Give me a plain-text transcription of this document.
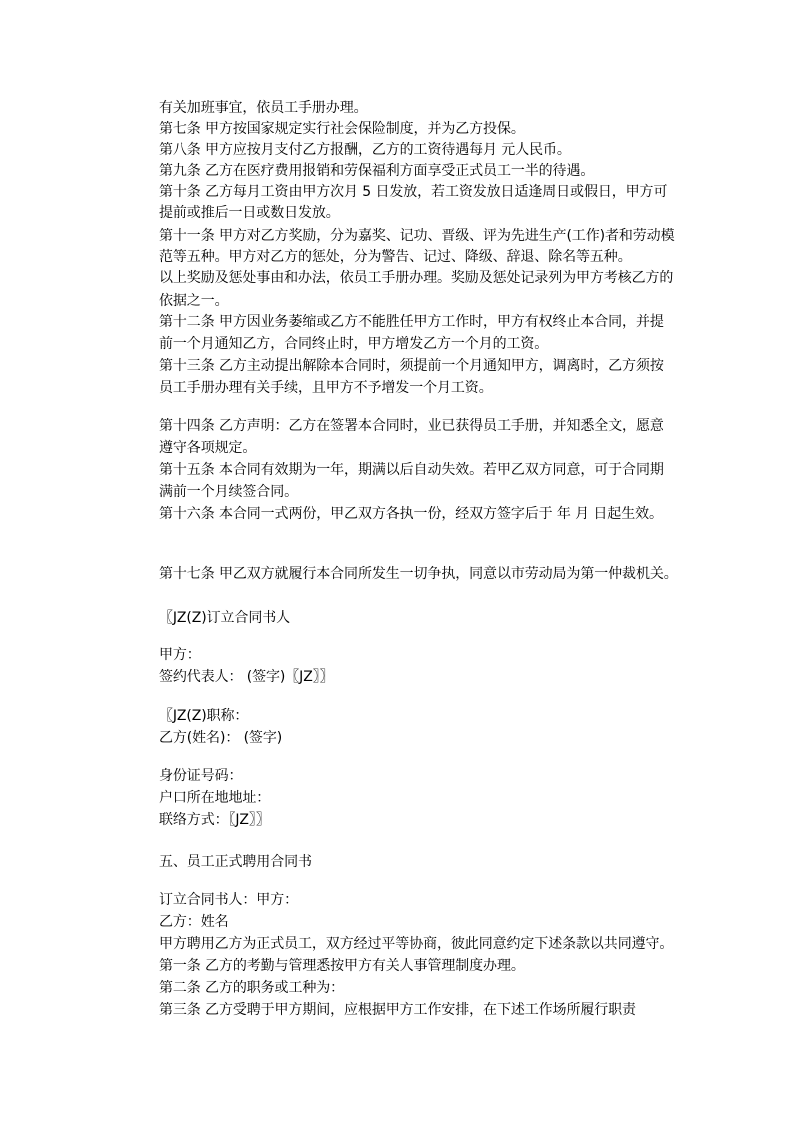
有关加班事宜，依员工手册办理。

第七条 甲方按国家规定实行社会保险制度，并为乙方投保。

第八条 甲方应按月支付乙方报酬，乙方的工资待遇每月 元人民币。

第九条 乙方在医疗费用报销和劳保福利方面享受正式员工一半的待遇。

第十条 乙方每月工资由甲方次月 5 日发放，若工资发放日适逢周日或假日，甲方可

提前或推后一日或数日发放。

第十一条 甲方对乙方奖励，分为嘉奖、记功、晋级、评为先进生产(工作)者和劳动模

范等五种。甲方对乙方的惩处，分为警告、记过、降级、辞退、除名等五种。

以上奖励及惩处事由和办法，依员工手册办理。奖励及惩处记录列为甲方考核乙方的

依据之一。

第十二条 甲方因业务萎缩或乙方不能胜任甲方工作时，甲方有权终止本合同，并提

前一个月通知乙方，合同终止时，甲方增发乙方一个月的工资。

第十三条 乙方主动提出解除本合同时，须提前一个月通知甲方，调离时，乙方须按

员工手册办理有关手续，且甲方不予增发一个月工资。

第十四条 乙方声明：乙方在签署本合同时，业已获得员工手册，并知悉全文，愿意

遵守各项规定。

第十五条 本合同有效期为一年，期满以后自动失效。若甲乙双方同意，可于合同期

满前一个月续签合同。

第十六条 本合同一式两份，甲乙双方各执一份，经双方签字后于 年 月 日起生效。

第十七条 甲乙双方就履行本合同所发生一切争执，同意以市劳动局为第一仲裁机关。

〖JZ(Z)订立合同书人

甲方：

签约代表人： (签字)〖JZ〗〗

〖JZ(Z)职称：

乙方(姓名)： (签字)

身份证号码：

户口所在地地址：

联络方式：〖JZ〗〗

五、员工正式聘用合同书

订立合同书人：甲方：

乙方：姓名

甲方聘用乙方为正式员工，双方经过平等协商，彼此同意约定下述条款以共同遵守。

第一条 乙方的考勤与管理悉按甲方有关人事管理制度办理。

第二条 乙方的职务或工种为：

第三条 乙方受聘于甲方期间，应根据甲方工作安排，在下述工作场所履行职责
